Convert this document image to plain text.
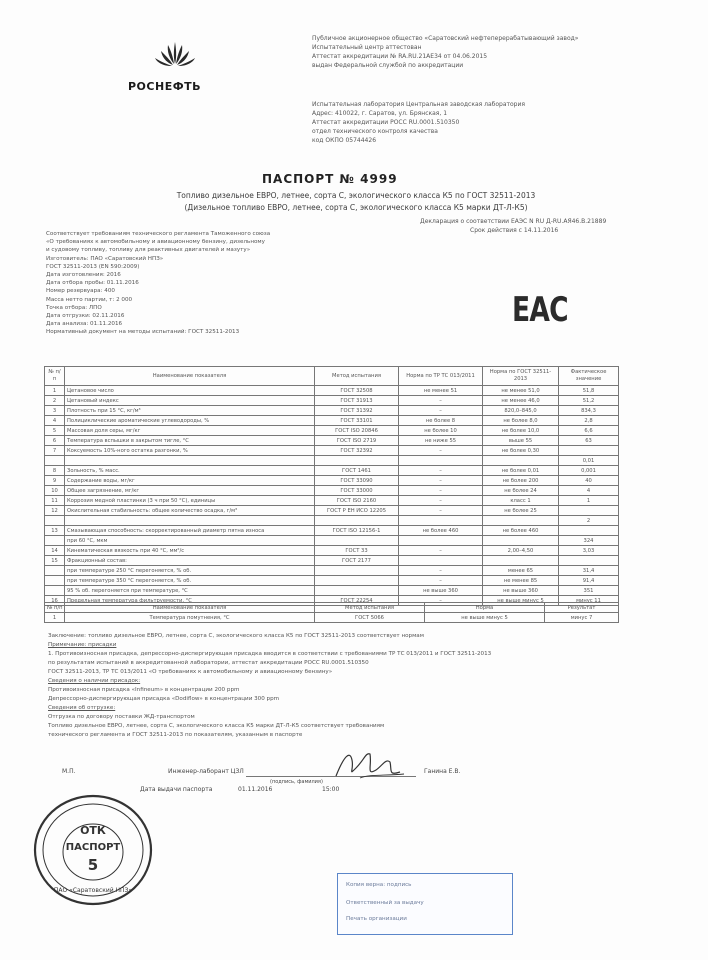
РОСНЕФТЬ
Публичное акционерное общество «Саратовский нефтеперерабатывающий завод»
Испытательный центр аттестован
Аттестат аккредитации № RA.RU.21АЕ34 от 04.06.2015
выдан Федеральной службой по аккредитации
Испытательная лаборатория Центральная заводская лаборатория
Адрес: 410022, г. Саратов, ул. Брянская, 1
Аттестат аккредитации РОСС RU.0001.510350
отдел технического контроля качества
код ОКПО 05744426
ПАСПОРТ № 4999
Топливо дизельное ЕВРО, летнее, сорта С, экологического класса К5 по ГОСТ 32511-2013
(Дизельное топливо ЕВРО, летнее, сорта С, экологического класса К5 марки ДТ-Л-К5)
Декларация о соответствии ЕАЭС N RU Д-RU.АЯ46.В.21889
Срок действия с 14.11.2016
Соответствует требованиям технического регламента Таможенного союза
«О требованиях к автомобильному и авиационному бензину, дизельному
и судовому топливу, топливу для реактивных двигателей и мазуту»
Изготовитель: ПАО «Саратовский НПЗ»
ГОСТ 32511-2013 (EN 590:2009)
Дата изготовления: 2016
Дата отбора пробы: 01.11.2016
Номер резервуара: 400
Масса нетто партии, т: 2 000
Точка отбора: ЛПО
Дата отгрузки: 02.11.2016
Дата анализа: 01.11.2016
Нормативный документ на методы испытаний: ГОСТ 32511-2013
ЕАС
№ п/п	Наименование показателя	Метод испытания	Норма по ТР ТС 013/2011	Норма по ГОСТ 32511-2013	Фактическое значение
1	Цетановое число	ГОСТ 32508	не менее 51	не менее 51,0	51,8
2	Цетановый индекс	ГОСТ 31913	–	не менее 46,0	51,2
3	Плотность при 15 °C, кг/м³	ГОСТ 31392	–	820,0–845,0	834,3
4	Полициклические ароматические углеводороды, %	ГОСТ 33101	не более 8	не более 8,0	2,8
5	Массовая доля серы, мг/кг	ГОСТ ISO 20846	не более 10	не более 10,0	6,6
6	Температура вспышки в закрытом тигле, °C	ГОСТ ISO 2719	не ниже 55	выше 55	63
7	Коксуемость 10%-ного остатка разгонки, %	ГОСТ 32392	–	не более 0,30	
					0,01
8	Зольность, % масс.	ГОСТ 1461	–	не более 0,01	0,001
9	Содержание воды, мг/кг	ГОСТ 33090	–	не более 200	40
10	Общее загрязнение, мг/кг	ГОСТ 33000	–	не более 24	4
11	Коррозия медной пластинки (3 ч при 50 °C), единицы	ГОСТ ISO 2160	–	класс 1	1
12	Окислительная стабильность: общее количество осадка, г/м³	ГОСТ Р ЕН ИСО 12205	–	не более 25	
					2
13	Смазывающая способность: скорректированный диаметр пятна износа	ГОСТ ISO 12156-1	не более 460	не более 460	
	при 60 °C, мкм				324
14	Кинематическая вязкость при 40 °C, мм²/с	ГОСТ 33	–	2,00–4,50	3,03
15	Фракционный состав:	ГОСТ 2177			
	при температуре 250 °C перегоняется, % об.		–	менее 65	31,4
	при температуре 350 °C перегоняется, % об.		–	не менее 85	91,4
	95 % об. перегоняется при температуре, °C		не выше 360	не выше 360	351
16	Предельная температура фильтруемости, °C	ГОСТ 22254	–	не выше минус 5	минус 11
№ п/п	Наименование показателя	Метод испытания	Норма	Результат
1	Температура помутнения, °C	ГОСТ 5066	не выше минус 5	минус 7
Заключение: топливо дизельное ЕВРО, летнее, сорта С, экологического класса К5 по ГОСТ 32511-2013 соответствует нормам
Примечание: присадки
1. Противоизносная присадка, депрессорно-диспергирующая присадка вводится в соответствии с требованиями ТР ТС 013/2011 и ГОСТ 32511-2013
по результатам испытаний в аккредитованной лаборатории, аттестат аккредитации РОСС RU.0001.510350
ГОСТ 32511-2013, ТР ТС 013/2011 «О требованиях к автомобильному и авиационному бензину»
Сведения о наличии присадок:
Противоизносная присадка «Infineum» в концентрации 200 ppm
Депрессорно-диспергирующая присадка «Dodiflow» в концентрации 300 ppm
Сведения об отгрузке:
Отгрузка по договору поставки ЖД-транспортом
Топливо дизельное ЕВРО, летнее, сорта С, экологического класса К5 марки ДТ-Л-К5 соответствует требованиям
технического регламента и ГОСТ 32511-2013 по показателям, указанным в паспорте
М.П.	Инженер-лаборант ЦЗЛ
(подпись, фамилия)
Ганина Е.В.
Дата выдачи паспорта	01.11.2016	15:00
ОТК
ПАСПОРТ
5
ПАО «Саратовский НПЗ»
Копия верна: подпись
Ответственный за выдачу
Печать организации
